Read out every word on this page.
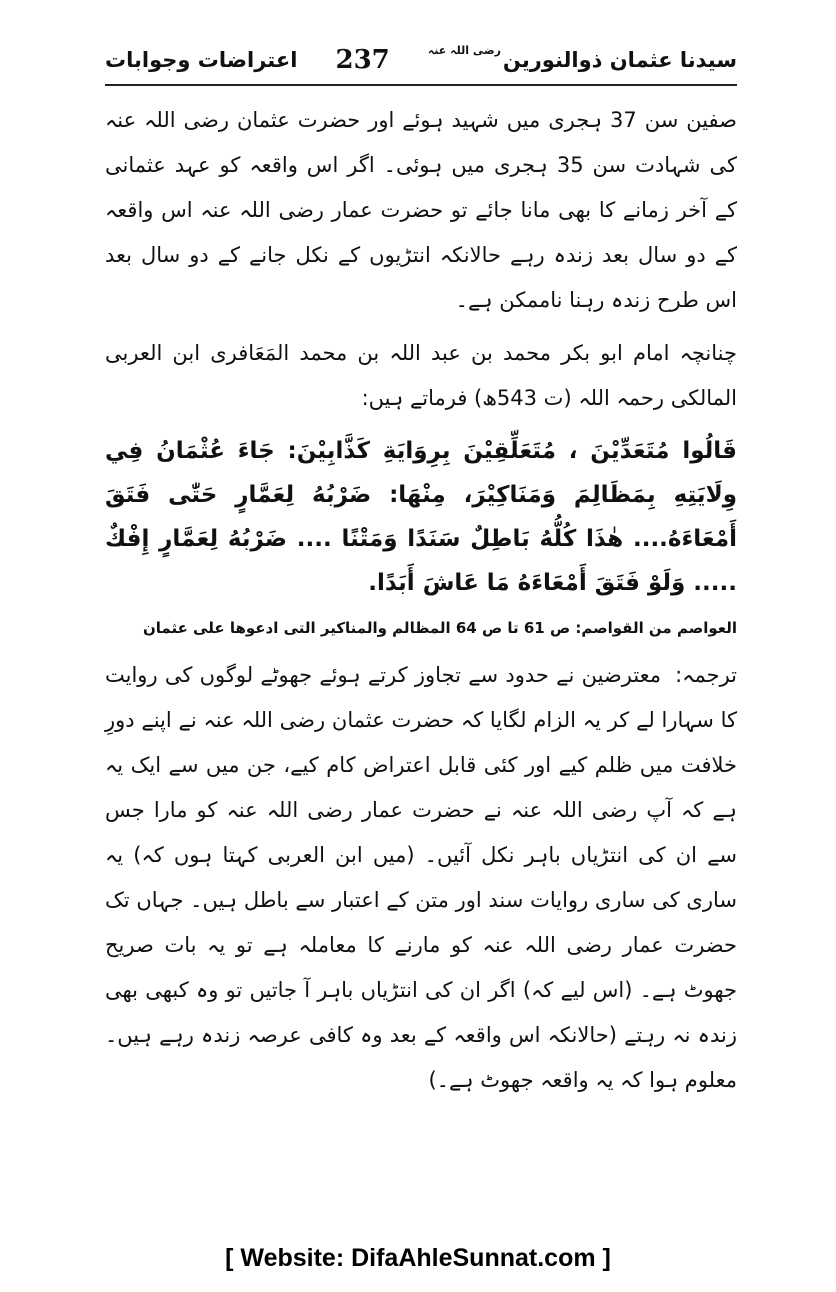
اعتراضات وجوابات 237	رضی اللہ عنہ سیدنا عثمان ذوالنورین

صفین سن 37 ہجری میں شہید ہوئے اور حضرت عثمان رضی اللہ عنہ کی شہادت سن 35 ہجری میں ہوئی۔ اگر اس واقعہ کو عہد عثمانی کے آخر زمانے کا بھی مانا جائے تو حضرت عمار رضی اللہ عنہ اس واقعہ کے دو سال بعد زندہ رہے حالانکہ انتڑیوں کے نکل جانے کے دو سال بعد اس طرح زندہ رہنا ناممکن ہے۔

چنانچہ امام ابو بکر محمد بن عبد اللہ بن محمد المَعَافری ابن العربی المالکی رحمہ اللہ (ت 543ھ) فرماتے ہیں:

قَالُوا مُتَعَدِّيْنَ ، مُتَعَلِّقِيْنَ بِرِوَايَةِ كَذَّابِيْنَ: جَاءَ عُثْمَانُ فِي وِلَايَتِهِ بِمَظَالِمَ وَمَنَاكِيْرَ، مِنْهَا: ضَرْبُهُ لِعَمَّارٍ حَتّٰى فَتَقَ أَمْعَاءَهُ.... هٰذَا كُلُّهُ بَاطِلٌ سَنَدًا وَمَتْنًا .... ضَرْبُهُ لِعَمَّارٍ إِفْكٌ ..... وَلَوْ فَتَقَ أَمْعَاءَهُ مَا عَاشَ أَبَدًا.

العواصم من القواصم: ص 61 تا ص 64 المظالم والمناکیر التی ادعوھا علی عثمان

ترجمہ:معترضین نے حدود سے تجاوز کرتے ہوئے جھوٹے لوگوں کی روایت کا سہارا لے کر یہ الزام لگایا کہ حضرت عثمان رضی اللہ عنہ نے اپنے دورِ خلافت میں ظلم کیے اور کئی قابل اعتراض کام کیے، جن میں سے ایک یہ ہے کہ آپ رضی اللہ عنہ نے حضرت عمار رضی اللہ عنہ کو مارا جس سے ان کی انتڑیاں باہر نکل آئیں۔ (میں ابن العربی کہتا ہوں کہ) یہ ساری کی ساری روایات سند اور متن کے اعتبار سے باطل ہیں۔ جہاں تک حضرت عمار رضی اللہ عنہ کو مارنے کا معاملہ ہے تو یہ بات صریح جھوٹ ہے۔ (اس لیے کہ) اگر ان کی انتڑیاں باہر آ جاتیں تو وہ کبھی بھی زندہ نہ رہتے (حالانکہ اس واقعہ کے بعد وہ کافی عرصہ زندہ رہے ہیں۔ معلوم ہوا کہ یہ واقعہ جھوٹ ہے۔)

[ Website: DifaAhleSunnat.com ]
